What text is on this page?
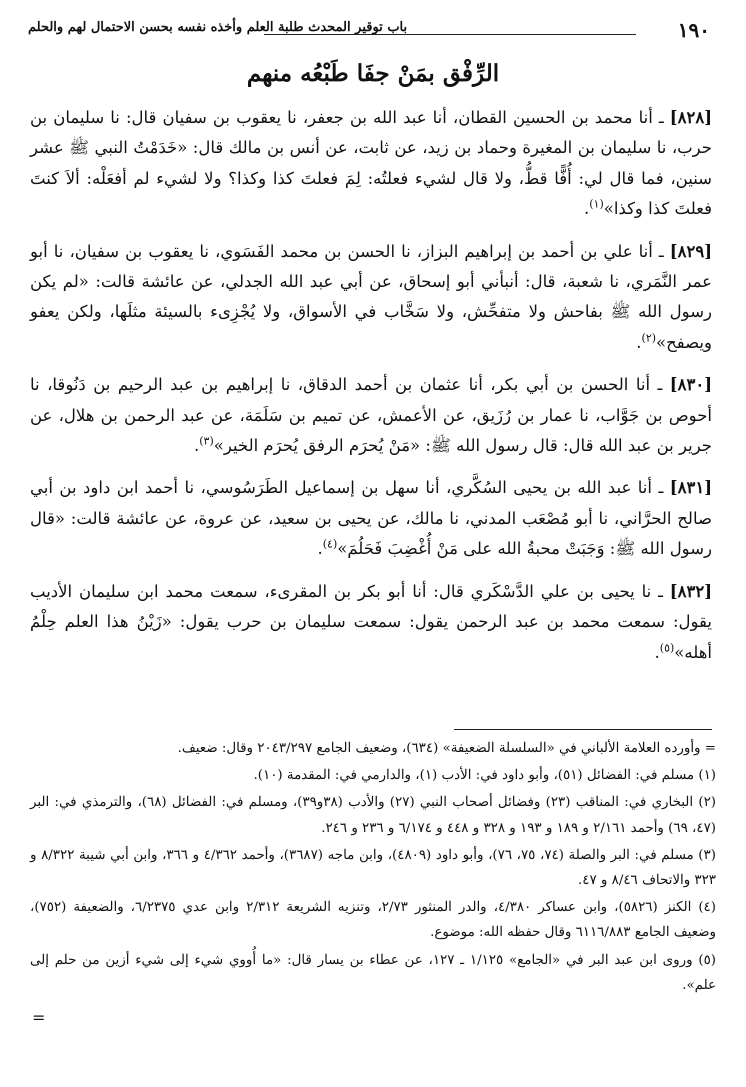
١٩٠
باب توقير المحدث طلبة العلم وأخذه نفسه بحسن الاحتمال لهم والحلم
الرِّفْق بمَنْ جفَا طَبْعُه منهم

[٨٢٨] ـ أنا محمد بن الحسين القطان، أنا عبد الله بن جعفر، نا يعقوب بن سفيان قال: نا سليمان بن حرب، نا سليمان بن المغيرة وحماد بن زيد، عن ثابت، عن أنس بن مالك قال: «خَدَمْتُ النبي ﷺ عشر سنين، فما قال لي: أُفًّا قطُّ، ولا قال لشيء فعلتُه: لِمَ فعلتَ كذا وكذا؟ ولا لشيء لم أفعَلْه: ألاَ كنتَ فعلتَ كذا وكذا»$^{(١)}$.

[٨٢٩] ـ أنا علي بن أحمد بن إبراهيم البزاز، نا الحسن بن محمد الفَسَوي، نا يعقوب بن سفيان، نا أبو عمر النَّمَري، نا شعبة، قال: أنبأني أبو إسحاق، عن أبي عبد الله الجدلي، عن عائشة قالت: «لم يكن رسول الله ﷺ بفاحش ولا متفحِّش، ولا سَخَّاب في الأسواق، ولا يُجْزِىء بالسيئة مثلَها، ولكن يعفو ويصفح»$^{(٢)}$.

[٨٣٠] ـ أنا الحسن بن أبي بكر، أنا عثمان بن أحمد الدقاق، نا إبراهيم بن عبد الرحيم بن دَنُوقا، نا أحوص بن جَوَّاب، نا عمار بن رُزَيق، عن الأعمش، عن تميم بن سَلَمَة، عن عبد الرحمن بن هلال، عن جرير بن عبد الله قال: قال رسول الله ﷺ: «مَنْ يُحرَم الرفق يُحرَم الخير»$^{(٣)}$.

[٨٣١] ـ أنا عبد الله بن يحيى السُكَّري، أنا سهل بن إسماعيل الطَرَسُوسي، نا أحمد ابن داود بن أبي صالح الحرَّاني، نا أبو مُصْعَب المدني، نا مالك، عن يحيى بن سعيد، عن عروة، عن عائشة قالت: «قال رسول الله ﷺ: وَجَبَتْ محبةُ الله على مَنْ أُغْضِبَ فَحَلُمَ»$^{(٤)}$.

[٨٣٢] ـ نا يحيى بن علي الدَّسْكَري قال: أنا أبو بكر بن المقرىء، سمعت محمد ابن سليمان الأديب يقول: سمعت محمد بن عبد الرحمن يقول: سمعت سليمان بن حرب يقول: «زَيْنُ هذا العلم حِلْمُ أهله»$^{(٥)}$.

= وأورده العلامة الألباني في «السلسلة الضعيفة» (٦٣٤)، وضعيف الجامع ٢٠٤٣/٢٩٧ وقال: ضعيف.

(١) مسلم في: الفضائل (٥١)، وأبو داود في: الأدب (١)، والدارمي في: المقدمة (١٠).

(٢) البخاري في: المناقب (٢٣) وفضائل أصحاب النبي (٢٧) والأدب (٣٨و٣٩)، ومسلم في: الفضائل (٦٨)، والترمذي في: البر (٤٧، ٦٩) وأحمد ٢/١٦١ و ١٨٩ و ١٩٣ و ٣٢٨ و ٤٤٨ و ٦/١٧٤ و ٢٣٦ و ٢٤٦.

(٣) مسلم في: البر والصلة (٧٤، ٧٥، ٧٦)، وأبو داود (٤٨٠٩)، وابن ماجه (٣٦٨٧)، وأحمد ٤/٣٦٢ و ٣٦٦، وابن أبي شيبة ٨/٣٢٢ و ٣٢٣ والاتحاف ٨/٤٦ و ٤٧.

(٤) الكنز (٥٨٢٦)، وابن عساكر ٤/٣٨٠، والدر المنثور ٢/٧٣، وتنزيه الشريعة ٢/٣١٢ وابن عدي ٦/٢٣٧٥، والضعيفة (٧٥٢)، وضعيف الجامع ٦١١٦/٨٨٣ وقال حفظه الله: موضوع.

(٥) وروى ابن عبد البر في «الجامع» ١/١٢٥ ـ ١٢٧، عن عطاء بن يسار قال: «ما أُووي شيء إلى شيء أزين من حلم إلى علم».

=
